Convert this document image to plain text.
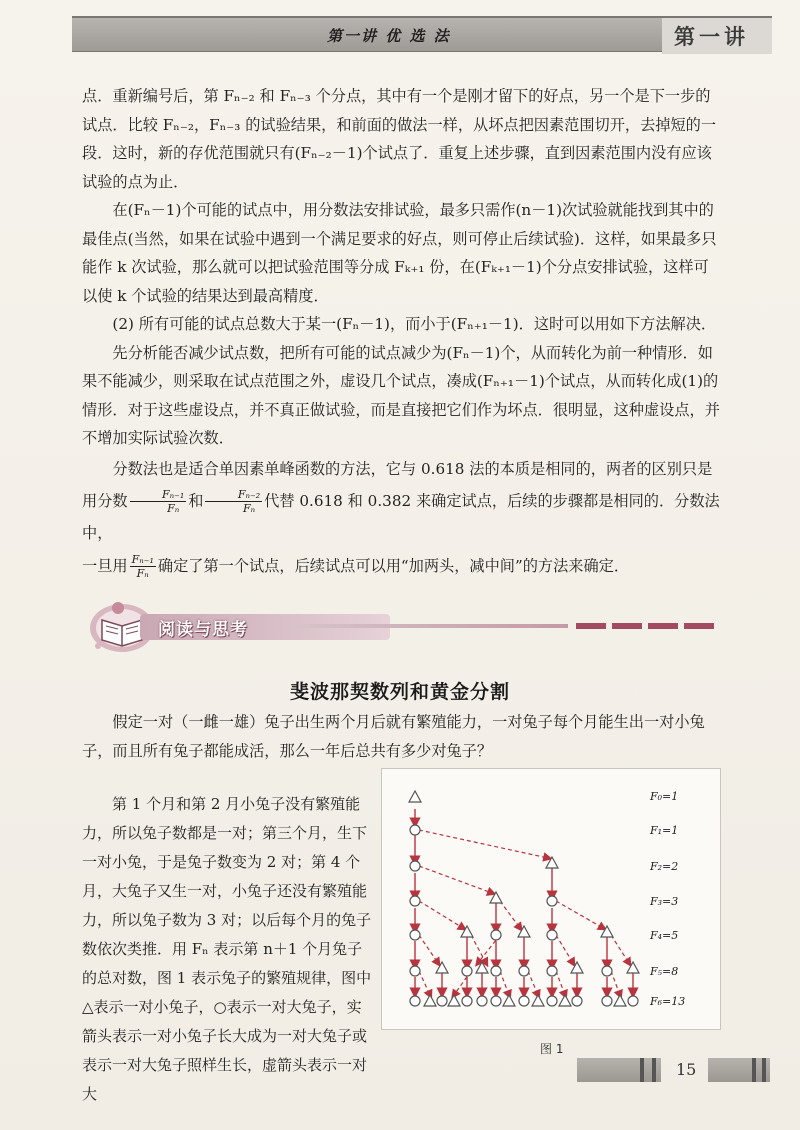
第一讲 优 选 法	第一讲

点．重新编号后，第 Fₙ₋₂ 和 Fₙ₋₃ 个分点，其中有一个是刚才留下的好点，另一个是下一步的试点．比较 Fₙ₋₂，Fₙ₋₃ 的试验结果，和前面的做法一样，从坏点把因素范围切开，去掉短的一段．这时，新的存优范围就只有(Fₙ₋₂－1)个试点了．重复上述步骤，直到因素范围内没有应该试验的点为止．

在(Fₙ－1)个可能的试点中，用分数法安排试验，最多只需作(n－1)次试验就能找到其中的最佳点(当然，如果在试验中遇到一个满足要求的好点，则可停止后续试验)．这样，如果最多只能作 k 次试验，那么就可以把试验范围等分成 Fₖ₊₁ 份，在(Fₖ₊₁－1)个分点安排试验，这样可以使 k 个试验的结果达到最高精度．

(2) 所有可能的试点总数大于某一(Fₙ－1)，而小于(Fₙ₊₁－1)．这时可以用如下方法解决．

先分析能否减少试点数，把所有可能的试点减少为(Fₙ－1)个，从而转化为前一种情形．如果不能减少，则采取在试点范围之外，虚设几个试点，凑成(Fₙ₊₁－1)个试点，从而转化成(1)的情形．对于这些虚设点，并不真正做试验，而是直接把它们作为坏点．很明显，这种虚设点，并不增加实际试验次数．

分数法也是适合单因素单峰函数的方法，它与 0.618 法的本质是相同的，两者的区别只是用分数 $\frac{\text{Fₙ₋₁}}{\text{Fₙ}}$ 和 $\frac{\text{Fₙ₋₂}}{\text{Fₙ}}$ 代替 0.618 和 0.382 来确定试点，后续的步骤都是相同的．分数法中，

一旦用 $\frac{\text{Fₙ₋₁}}{\text{Fₙ}}$ 确定了第一个试点，后续试点可以用“加两头，减中间”的方法来确定．

阅读与思考
斐波那契数列和黄金分割

假定一对（一雌一雄）兔子出生两个月后就有繁殖能力，一对兔子每个月能生出一对小兔子，而且所有兔子都能成活，那么一年后总共有多少对兔子？

第 1 个月和第 2 月小兔子没有繁殖能力，所以兔子数都是一对；第三个月，生下一对小兔，于是兔子数变为 2 对；第 4 个月，大兔子又生一对，小兔子还没有繁殖能力，所以兔子数为 3 对；以后每个月的兔子数依次类推．用 Fₙ 表示第 n＋1 个月兔子的总对数，图 1 表示兔子的繁殖规律，图中△表示一对小兔子，○表示一对大兔子，实箭头表示一对小兔子长大成为一对大兔子或表示一对大兔子照样生长，虚箭头表示一对大

F₀=1
F₁=1
F₂=2
F₃=3
F₄=5
F₅=8
F₆=13
图 1
15
